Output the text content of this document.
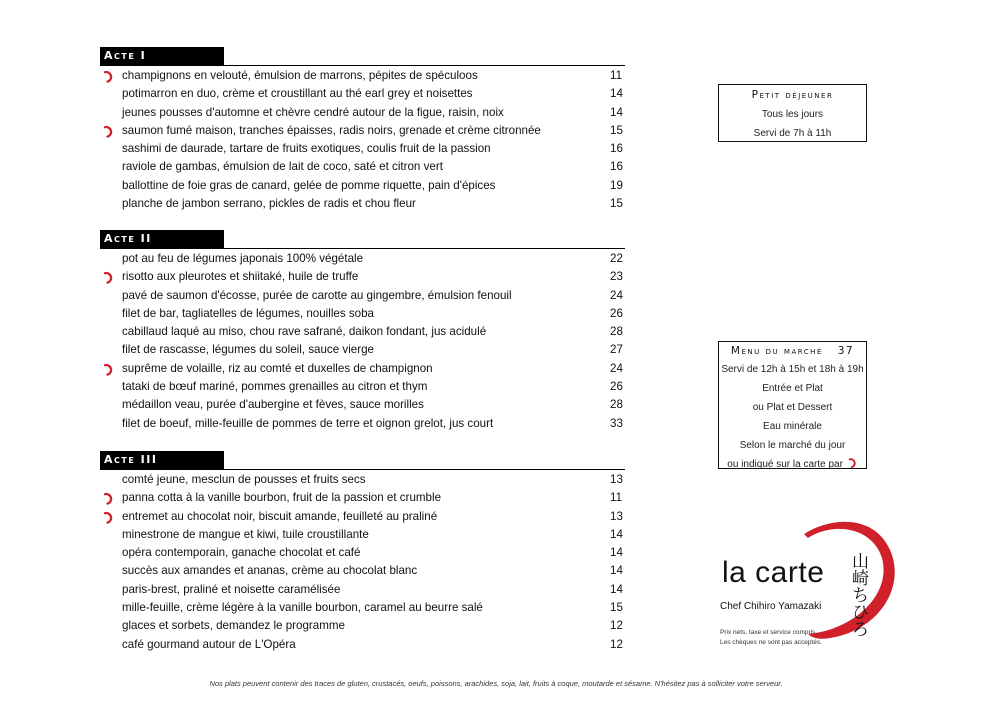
Acte I
champignons en velouté, émulsion de marrons, pépites de spéculoos	11
potimarron en duo, crème et croustillant au thé earl grey et noisettes	14
jeunes pousses d'automne et chèvre cendré autour de la figue, raisin, noix	14
saumon fumé maison, tranches épaisses, radis noirs, grenade et crème citronnée	15
sashimi de daurade, tartare de fruits exotiques, coulis fruit de la passion	16
raviole de gambas, émulsion de lait de coco, saté et citron vert	16
ballottine de foie gras de canard, gelée de pomme riquette, pain d'épices	19
planche de jambon serrano, pickles de radis et chou fleur	15
Acte II
pot au feu de légumes japonais 100% végétale	22
risotto aux pleurotes et shiitaké, huile de truffe	23
pavé de saumon d'écosse, purée de carotte au gingembre, émulsion fenouil	24
filet de bar, tagliatelles de légumes, nouilles soba	26
cabillaud laqué au miso, chou rave safrané, daikon fondant, jus acidulé	28
filet de rascasse, légumes du soleil, sauce vierge	27
suprême de volaille, riz au comté et duxelles de champignon	24
tataki de bœuf mariné, pommes grenailles au citron et thym	26
médaillon veau, purée d'aubergine et fèves, sauce morilles	28
filet de boeuf, mille-feuille de pommes de terre et oignon grelot, jus court	33
Acte III
comté jeune, mesclun de pousses et fruits secs	13
panna cotta à la vanille bourbon, fruit de la passion et crumble	11
entremet au chocolat noir, biscuit amande, feuilleté au praliné	13
minestrone de mangue et kiwi, tuile croustillante	14
opéra contemporain, ganache chocolat et café	14
succès aux amandes et ananas, crème au chocolat blanc	14
paris-brest, praliné et noisette caramélisée	14
mille-feuille, crème légère à la vanille bourbon, caramel au beurre salé	15
glaces et sorbets, demandez le programme	12
café gourmand autour de L'Opéra	12
Petit déjeuner
Tous les jours
Servi de 7h à 11h
Menu du marché 37
Servi de 12h à 15h et 18h à 19h
Entrée et Plat
ou Plat et Dessert
Eau minérale
Selon le marché du jour
ou indiqué sur la carte par
la carte 山崎ちひろ
Chef Chihiro Yamazaki
Prix nets, taxe et service compris.
Les chèques ne sont pas acceptés.
Nos plats peuvent contenir des traces de gluten, crustacés, oeufs, poissons, arachides, soja, lait, fruits à coque, moutarde et sésame. N'hésitez pas à solliciter votre serveur.
